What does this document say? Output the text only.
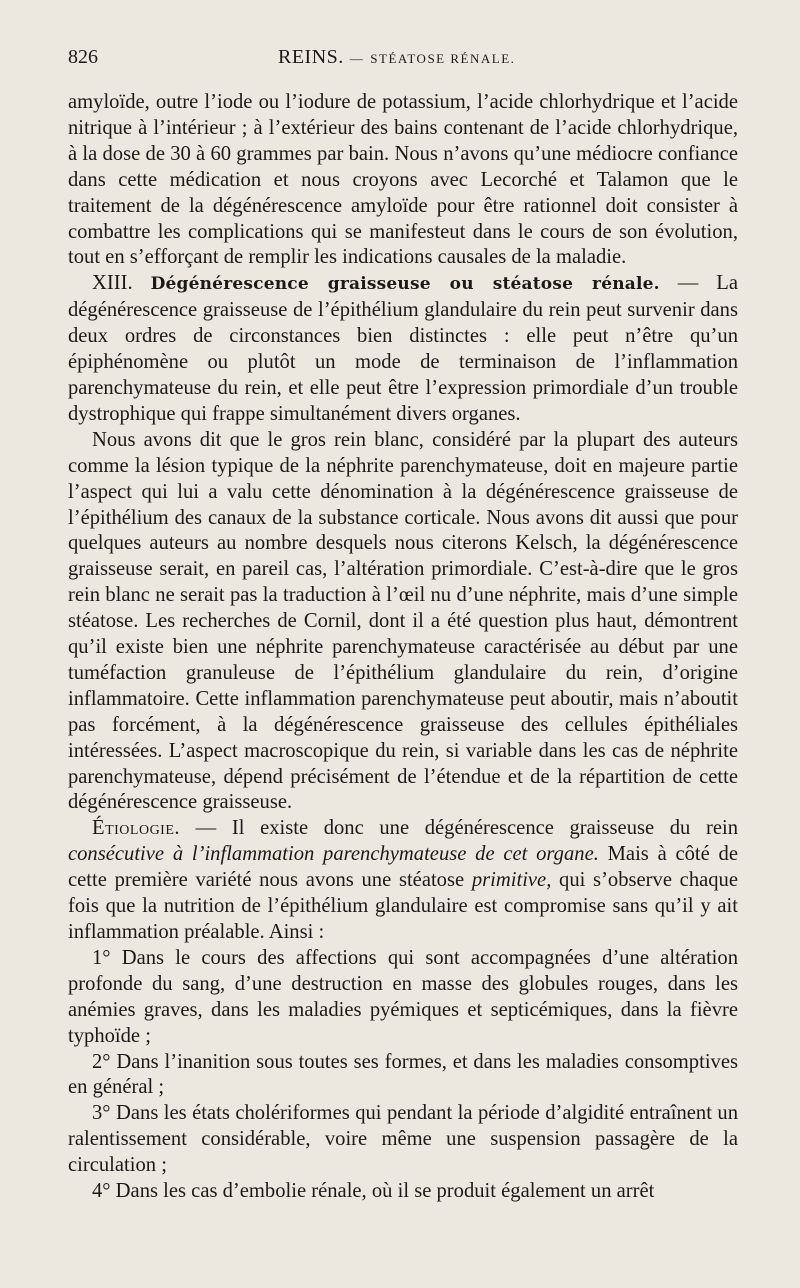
826	REINS. — STÉATOSE RÉNALE.

amyloïde, outre l’iode ou l’iodure de potassium, l’acide chlorhydrique et l’acide nitrique à l’intérieur ; à l’extérieur des bains contenant de l’acide chlorhydrique, à la dose de 30 à 60 grammes par bain. Nous n’avons qu’une médiocre confiance dans cette médication et nous croyons avec Lecorché et Talamon que le traitement de la dégénérescence amyloïde pour être rationnel doit consister à combattre les complications qui se manifesteut dans le cours de son évolution, tout en s’efforçant de remplir les indications causales de la maladie.

XIII. Dégénérescence graisseuse ou stéatose rénale. — La dégénérescence graisseuse de l’épithélium glandulaire du rein peut survenir dans deux ordres de circonstances bien distinctes : elle peut n’être qu’un épiphénomène ou plutôt un mode de terminaison de l’inflammation parenchymateuse du rein, et elle peut être l’expression primordiale d’un trouble dystrophique qui frappe simultanément divers organes.

Nous avons dit que le gros rein blanc, considéré par la plupart des auteurs comme la lésion typique de la néphrite parenchymateuse, doit en majeure partie l’aspect qui lui a valu cette dénomination à la dégénérescence graisseuse de l’épithélium des canaux de la substance corticale. Nous avons dit aussi que pour quelques auteurs au nombre desquels nous citerons Kelsch, la dégénérescence graisseuse serait, en pareil cas, l’altération primordiale. C’est-à-dire que le gros rein blanc ne serait pas la traduction à l’œil nu d’une néphrite, mais d’une simple stéatose. Les recherches de Cornil, dont il a été question plus haut, démontrent qu’il existe bien une néphrite parenchymateuse caractérisée au début par une tuméfaction granuleuse de l’épithélium glandulaire du rein, d’origine inflammatoire. Cette inflammation parenchymateuse peut aboutir, mais n’aboutit pas forcément, à la dégénérescence graisseuse des cellules épithéliales intéressées. L’aspect macroscopique du rein, si variable dans les cas de néphrite parenchymateuse, dépend précisément de l’étendue et de la répartition de cette dégénérescence graisseuse.

Étiologie. — Il existe donc une dégénérescence graisseuse du rein consécutive à l’inflammation parenchymateuse de cet organe. Mais à côté de cette première variété nous avons une stéatose primitive, qui s’observe chaque fois que la nutrition de l’épithélium glandulaire est compromise sans qu’il y ait inflammation préalable. Ainsi :

1° Dans le cours des affections qui sont accompagnées d’une altération profonde du sang, d’une destruction en masse des globules rouges, dans les anémies graves, dans les maladies pyémiques et septicémiques, dans la fièvre typhoïde ;

2° Dans l’inanition sous toutes ses formes, et dans les maladies consomptives en général ;

3° Dans les états cholériformes qui pendant la période d’algidité entraînent un ralentissement considérable, voire même une suspension passagère de la circulation ;

4° Dans les cas d’embolie rénale, où il se produit également un arrêt
